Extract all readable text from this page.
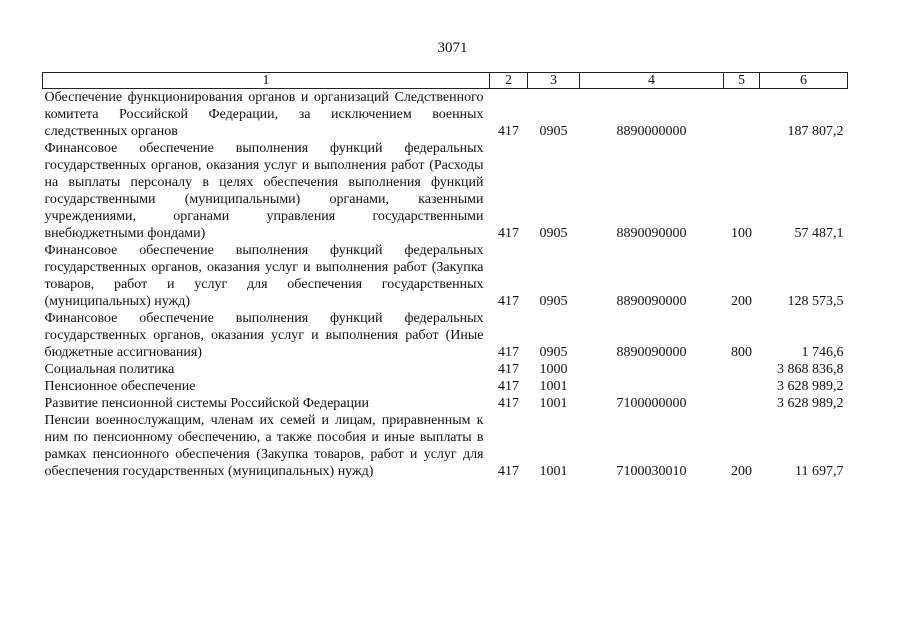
3071
1	2	3	4	5	6
Обеспечение функционирования органов и организаций Следственного комитета Российской Федерации, за исключением военных следственных органов	417	0905	8890000000		187 807,2
Финансовое обеспечение выполнения функций федеральных государственных органов, оказания услуг и выполнения работ (Расходы на выплаты персоналу в целях обеспечения выполнения функций государственными (муниципальными) органами, казенными учреждениями, органами управления государственными внебюджетными фондами)	417	0905	8890090000	100	57 487,1
Финансовое обеспечение выполнения функций федеральных государственных органов, оказания услуг и выполнения работ (Закупка товаров, работ и услуг для обеспечения государственных (муниципальных) нужд)	417	0905	8890090000	200	128 573,5
Финансовое обеспечение выполнения функций федеральных государственных органов, оказания услуг и выполнения работ (Иные бюджетные ассигнования)	417	0905	8890090000	800	1 746,6
Социальная политика	417	1000			3 868 836,8
Пенсионное обеспечение	417	1001			3 628 989,2
Развитие пенсионной системы Российской Федерации	417	1001	7100000000		3 628 989,2
Пенсии военнослужащим, членам их семей и лицам, приравненным к ним по пенсионному обеспечению, а также пособия и иные выплаты в рамках пенсионного обеспечения (Закупка товаров, работ и услуг для обеспечения государственных (муниципальных) нужд)	417	1001	7100030010	200	11 697,7
